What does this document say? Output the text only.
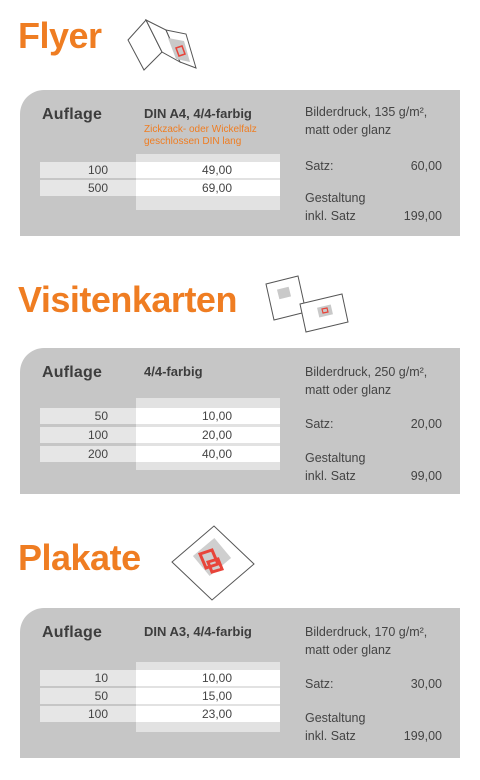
Flyer
Auflage	DIN A4, 4/4-farbig
Zickzack- oder Wickelfalz geschlossen DIN lang
100	49,00
500	69,00
Bilderdruck, 135 g/m²,
matt oder glanz
Satz:	60,00
Gestaltung
inkl. Satz	199,00
Visitenkarten
Auflage	4/4-farbig
50	10,00
100	20,00
200	40,00
Bilderdruck, 250 g/m²,
matt oder glanz
Satz:	20,00
Gestaltung
inkl. Satz	99,00
Plakate
Auflage	DIN A3, 4/4-farbig
10	10,00
50	15,00
100	23,00
Bilderdruck, 170 g/m²,
matt oder glanz
Satz:	30,00
Gestaltung
inkl. Satz	199,00
